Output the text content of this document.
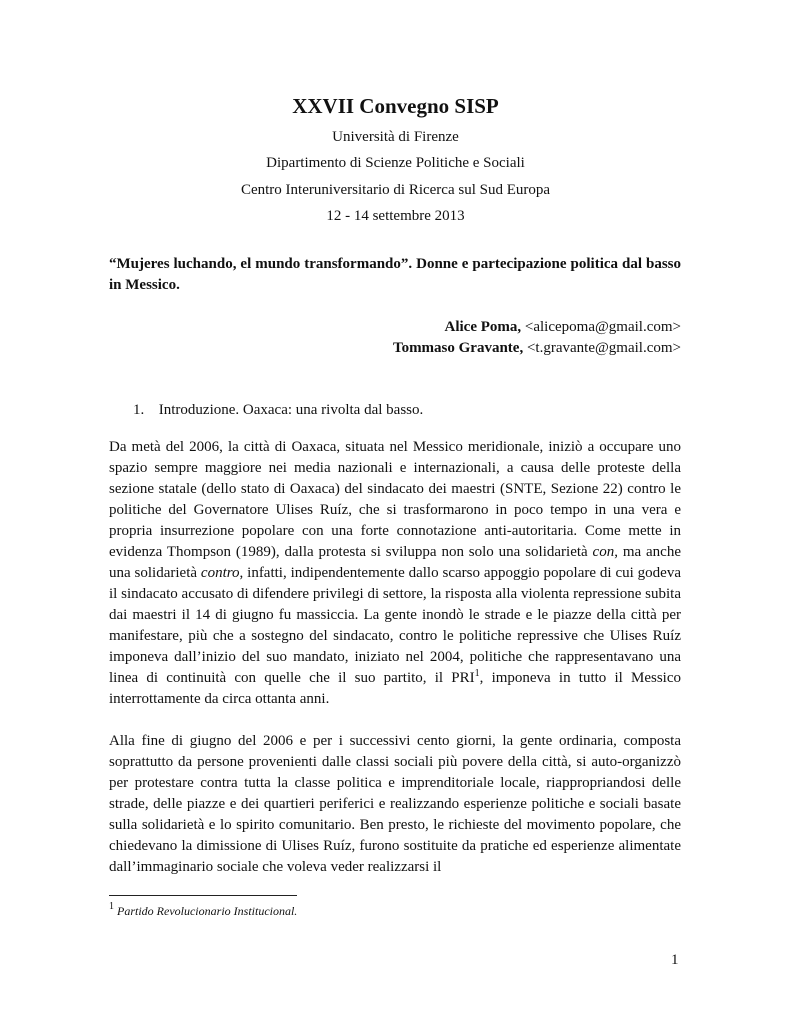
XXVII Convegno SISP
Università di Firenze
Dipartimento di Scienze Politiche e Sociali
Centro Interuniversitario di Ricerca sul Sud Europa
12 - 14 settembre 2013
“Mujeres luchando, el mundo transformando”. Donne e partecipazione politica dal basso in Messico.
Alice Poma, <alicepoma@gmail.com>
Tommaso Gravante, <t.gravante@gmail.com>
1. Introduzione. Oaxaca: una rivolta dal basso.

Da metà del 2006, la città di Oaxaca, situata nel Messico meridionale, iniziò a occupare uno spazio sempre maggiore nei media nazionali e internazionali, a causa delle proteste della sezione statale (dello stato di Oaxaca) del sindacato dei maestri (SNTE, Sezione 22) contro le politiche del Governatore Ulises Ruíz, che si trasformarono in poco tempo in una vera e propria insurrezione popolare con una forte connotazione anti-autoritaria. Come mette in evidenza Thompson (1989), dalla protesta si sviluppa non solo una solidarietà con, ma anche una solidarietà contro, infatti, indipendentemente dallo scarso appoggio popolare di cui godeva il sindacato accusato di difendere privilegi di settore, la risposta alla violenta repressione subita dai maestri il 14 di giugno fu massiccia. La gente inondò le strade e le piazze della città per manifestare, più che a sostegno del sindacato, contro le politiche repressive che Ulises Ruíz imponeva dall’inizio del suo mandato, iniziato nel 2004, politiche che rappresentavano una linea di continuità con quelle che il suo partito, il PRI$^1$, imponeva in tutto il Messico interrottamente da circa ottanta anni.

Alla fine di giugno del 2006 e per i successivi cento giorni, la gente ordinaria, composta soprattutto da persone provenienti dalle classi sociali più povere della città, si auto-organizzò per protestare contra tutta la classe politica e imprenditoriale locale, riappropriandosi delle strade, delle piazze e dei quartieri periferici e realizzando esperienze politiche e sociali basate sulla solidarietà e lo spirito comunitario. Ben presto, le richieste del movimento popolare, che chiedevano la dimissione di Ulises Ruíz, furono sostituite da pratiche ed esperienze alimentate dall’immaginario sociale che voleva veder realizzarsi il

$^1$ Partido Revolucionario Institucional.
1
